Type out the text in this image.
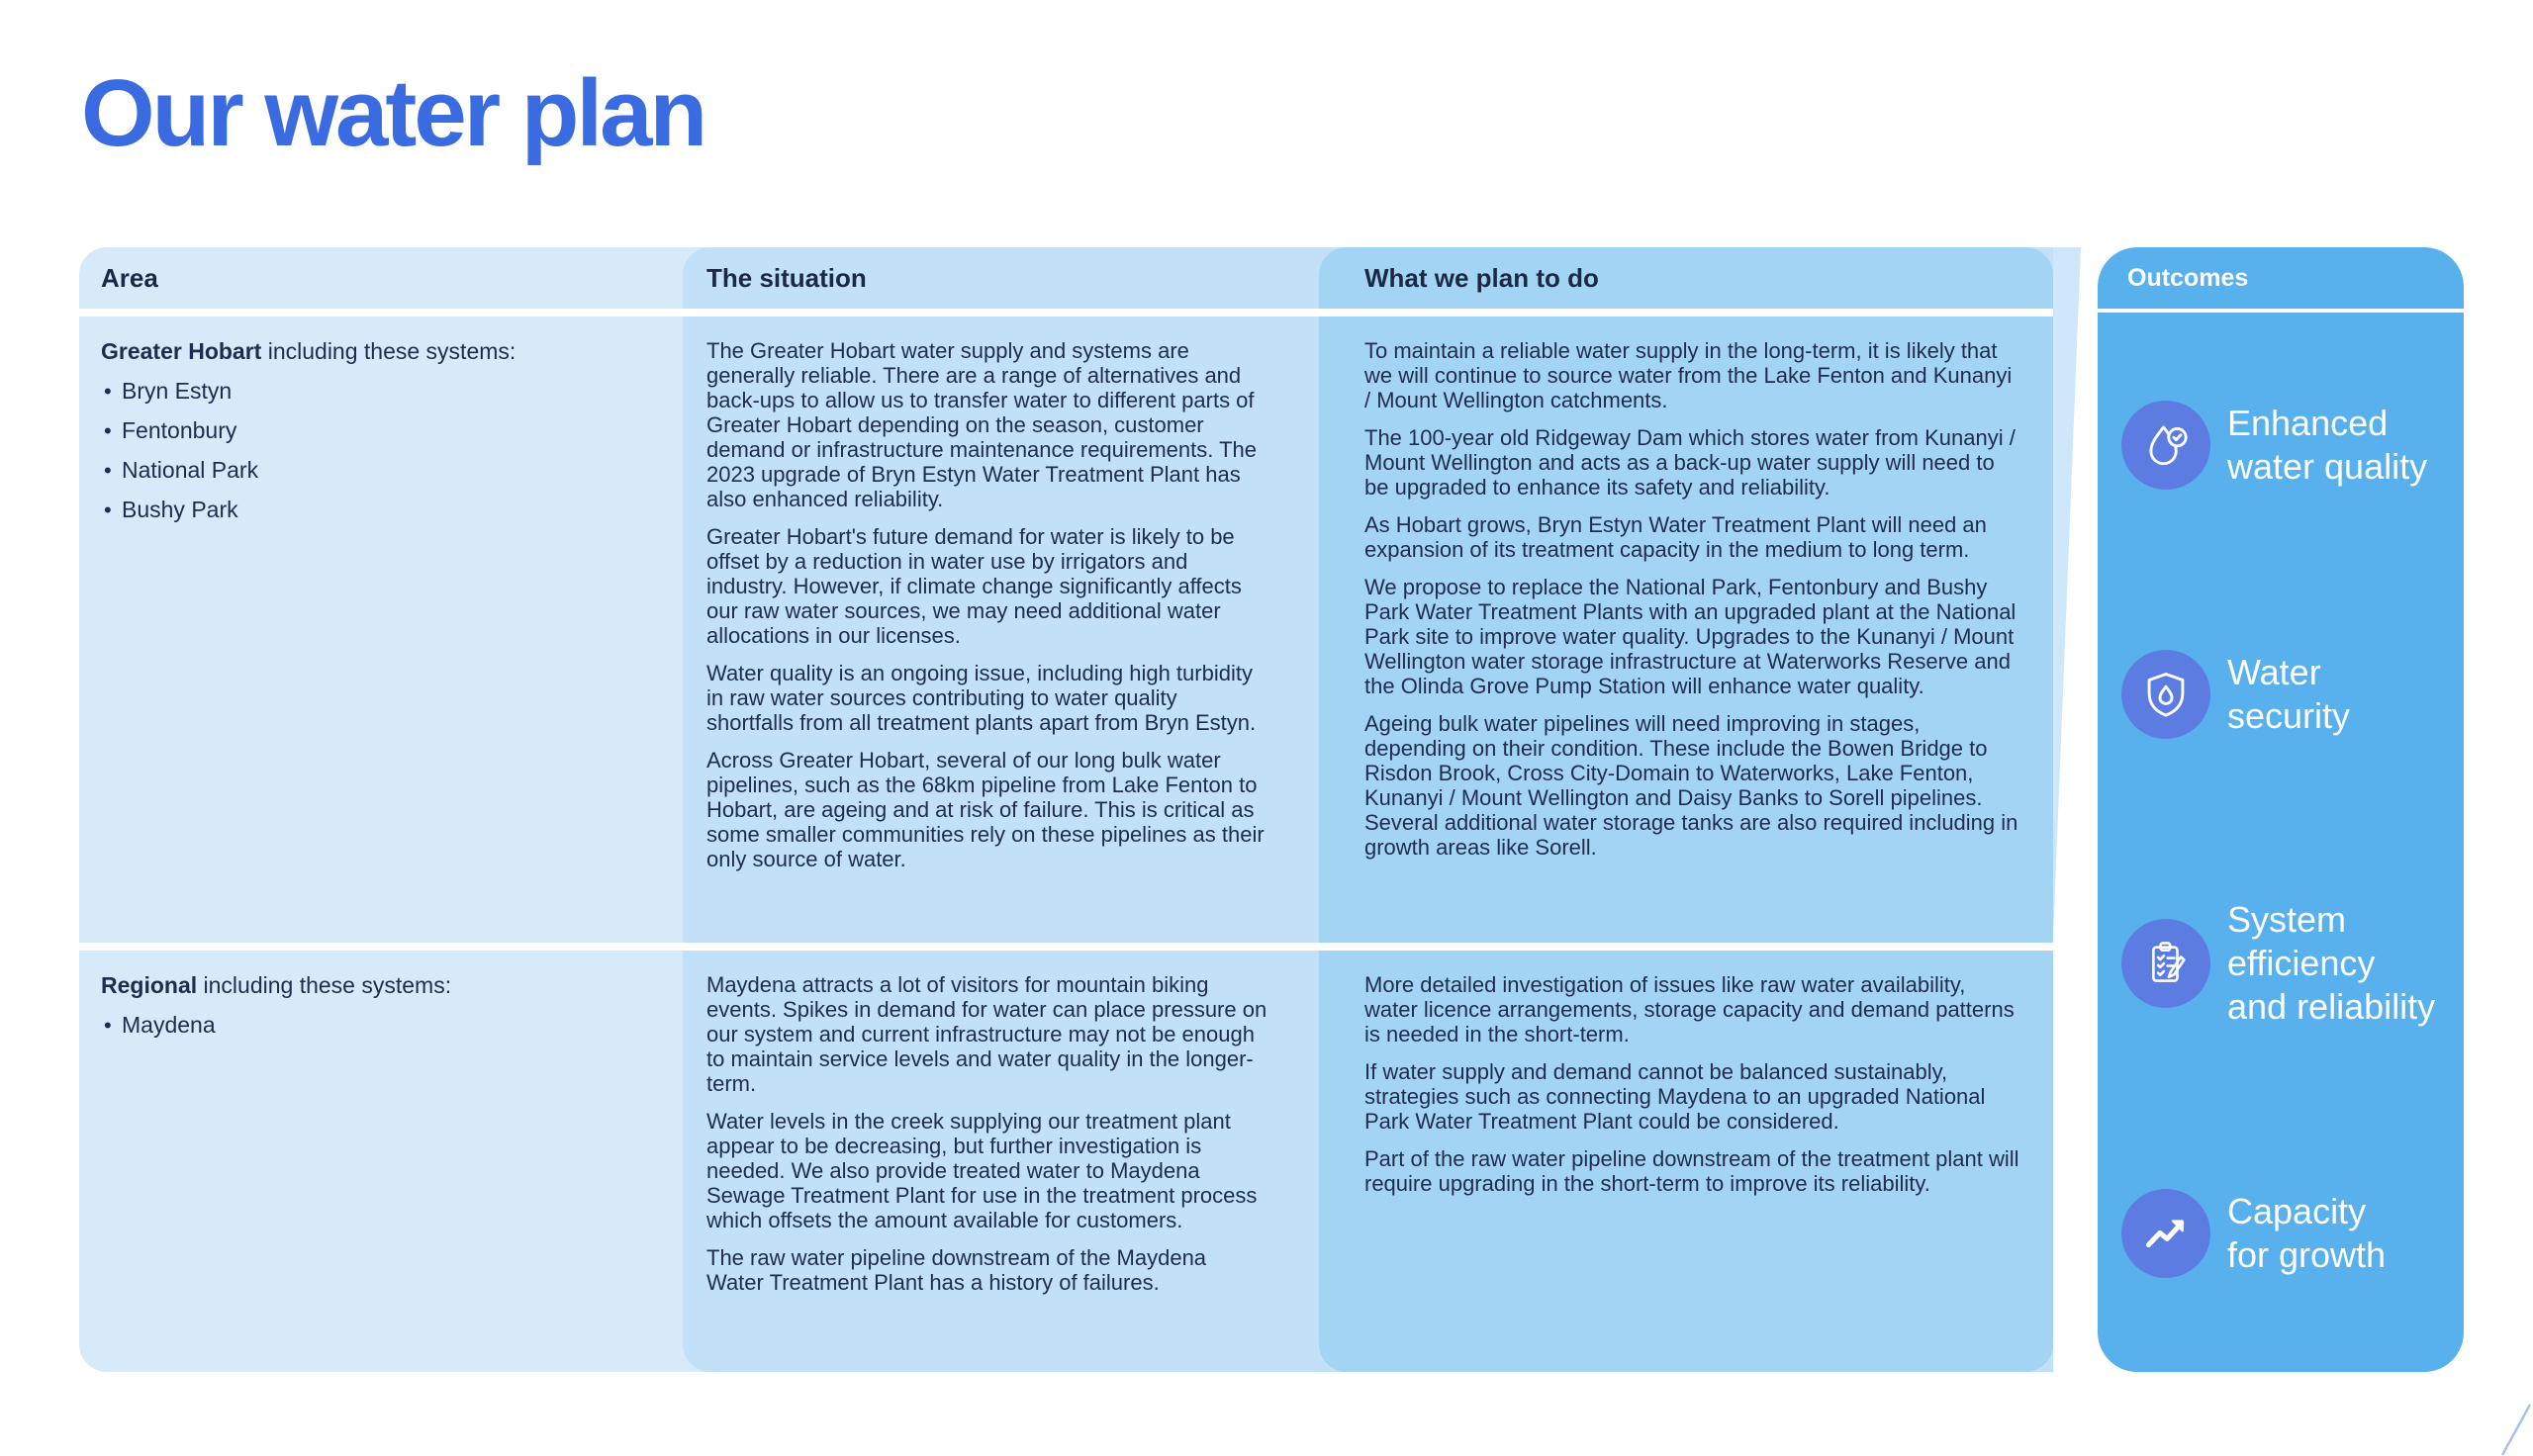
Our water plan
Area	The situation	What we plan to do
Greater Hobart including these systems:
• Bryn Estyn
• Fentonbury
• National Park
• Bushy Park

The Greater Hobart water supply and systems are generally reliable. There are a range of alternatives and back-ups to allow us to transfer water to different parts of Greater Hobart depending on the season, customer demand or infrastructure maintenance requirements. The 2023 upgrade of Bryn Estyn Water Treatment Plant has also enhanced reliability.

Greater Hobart's future demand for water is likely to be offset by a reduction in water use by irrigators and industry. However, if climate change significantly affects our raw water sources, we may need additional water allocations in our licenses.

Water quality is an ongoing issue, including high turbidity in raw water sources contributing to water quality shortfalls from all treatment plants apart from Bryn Estyn.

Across Greater Hobart, several of our long bulk water pipelines, such as the 68km pipeline from Lake Fenton to Hobart, are ageing and at risk of failure. This is critical as some smaller communities rely on these pipelines as their only source of water.

To maintain a reliable water supply in the long-term, it is likely that we will continue to source water from the Lake Fenton and Kunanyi / Mount Wellington catchments.

The 100-year old Ridgeway Dam which stores water from Kunanyi / Mount Wellington and acts as a back-up water supply will need to be upgraded to enhance its safety and reliability.

As Hobart grows, Bryn Estyn Water Treatment Plant will need an expansion of its treatment capacity in the medium to long term.

We propose to replace the National Park, Fentonbury and Bushy Park Water Treatment Plants with an upgraded plant at the National Park site to improve water quality. Upgrades to the Kunanyi / Mount Wellington water storage infrastructure at Waterworks Reserve and the Olinda Grove Pump Station will enhance water quality.

Ageing bulk water pipelines will need improving in stages, depending on their condition. These include the Bowen Bridge to Risdon Brook, Cross City-Domain to Waterworks, Lake Fenton, Kunanyi / Mount Wellington and Daisy Banks to Sorell pipelines. Several additional water storage tanks are also required including in growth areas like Sorell.

Regional including these systems:
• Maydena

Maydena attracts a lot of visitors for mountain biking events. Spikes in demand for water can place pressure on our system and current infrastructure may not be enough to maintain service levels and water quality in the longer-term.

Water levels in the creek supplying our treatment plant appear to be decreasing, but further investigation is needed. We also provide treated water to Maydena Sewage Treatment Plant for use in the treatment process which offsets the amount available for customers.

The raw water pipeline downstream of the Maydena Water Treatment Plant has a history of failures.

More detailed investigation of issues like raw water availability, water licence arrangements, storage capacity and demand patterns is needed in the short-term.

If water supply and demand cannot be balanced sustainably, strategies such as connecting Maydena to an upgraded National Park Water Treatment Plant could be considered.

Part of the raw water pipeline downstream of the treatment plant will require upgrading in the short-term to improve its reliability.

Outcomes
Enhanced
water quality
Water
security
System
efficiency
and reliability
Capacity
for growth
